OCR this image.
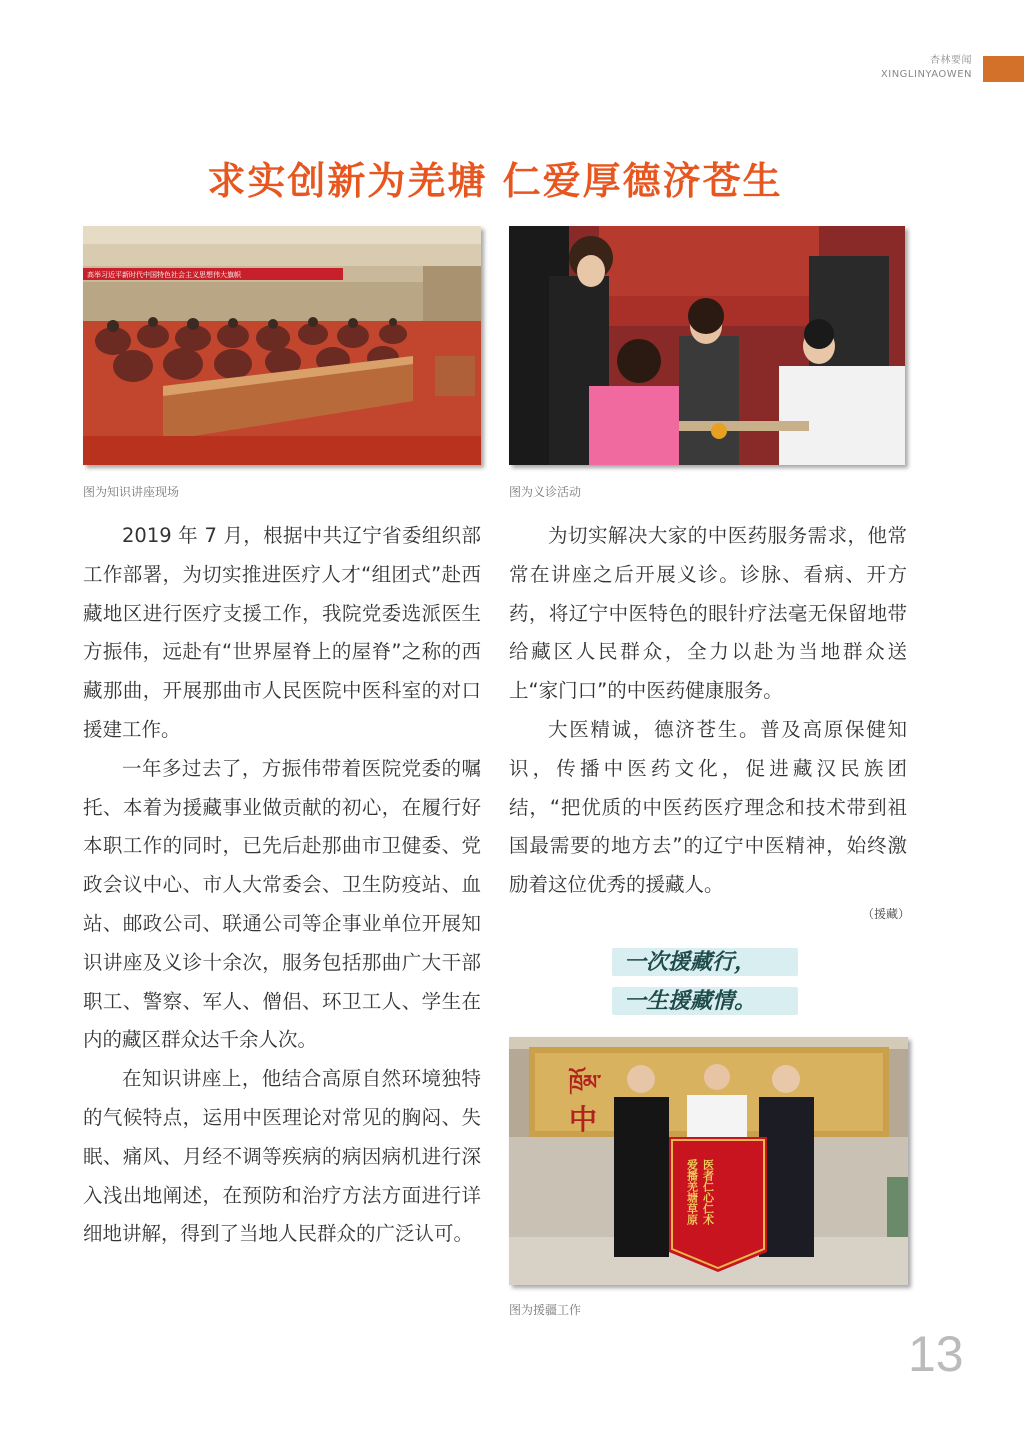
杏林要闻
XINGLINYAOWEN
求实创新为羌塘 仁爱厚德济苍生
高举习近平新时代中国特色社会主义思想伟大旗帜
图为知识讲座现场	图为义诊活动

2019 年 7 月，根据中共辽宁省委组织部工作部署，为切实推进医疗人才“组团式”赴西藏地区进行医疗支援工作，我院党委选派医生方振伟，远赴有“世界屋脊上的屋脊”之称的西藏那曲，开展那曲市人民医院中医科室的对口援建工作。

一年多过去了，方振伟带着医院党委的嘱托、本着为援藏事业做贡献的初心，在履行好本职工作的同时，已先后赴那曲市卫健委、党政会议中心、市人大常委会、卫生防疫站、血站、邮政公司、联通公司等企事业单位开展知识讲座及义诊十余次，服务包括那曲广大干部职工、警察、军人、僧侣、环卫工人、学生在内的藏区群众达千余人次。

在知识讲座上，他结合高原自然环境独特的气候特点，运用中医理论对常见的胸闷、失眠、痛风、月经不调等疾病的病因病机进行深入浅出地阐述，在预防和治疗方法方面进行详细地讲解，得到了当地人民群众的广泛认可。

为切实解决大家的中医药服务需求，他常常在讲座之后开展义诊。诊脉、看病、开方药，将辽宁中医特色的眼针疗法毫无保留地带给藏区人民群众，全力以赴为当地群众送上“家门口”的中医药健康服务。

大医精诚，德济苍生。普及高原保健知识，传播中医药文化，促进藏汉民族团结，“把优质的中医药医疗理念和技术带到祖国最需要的地方去”的辽宁中医精神，始终激励着这位优秀的援藏人。

（援藏）
一次援藏行，
一生援藏情。
ཁྲོམ་
中
医者仁心仁术
爱播羌塘草原
图为援疆工作
13
